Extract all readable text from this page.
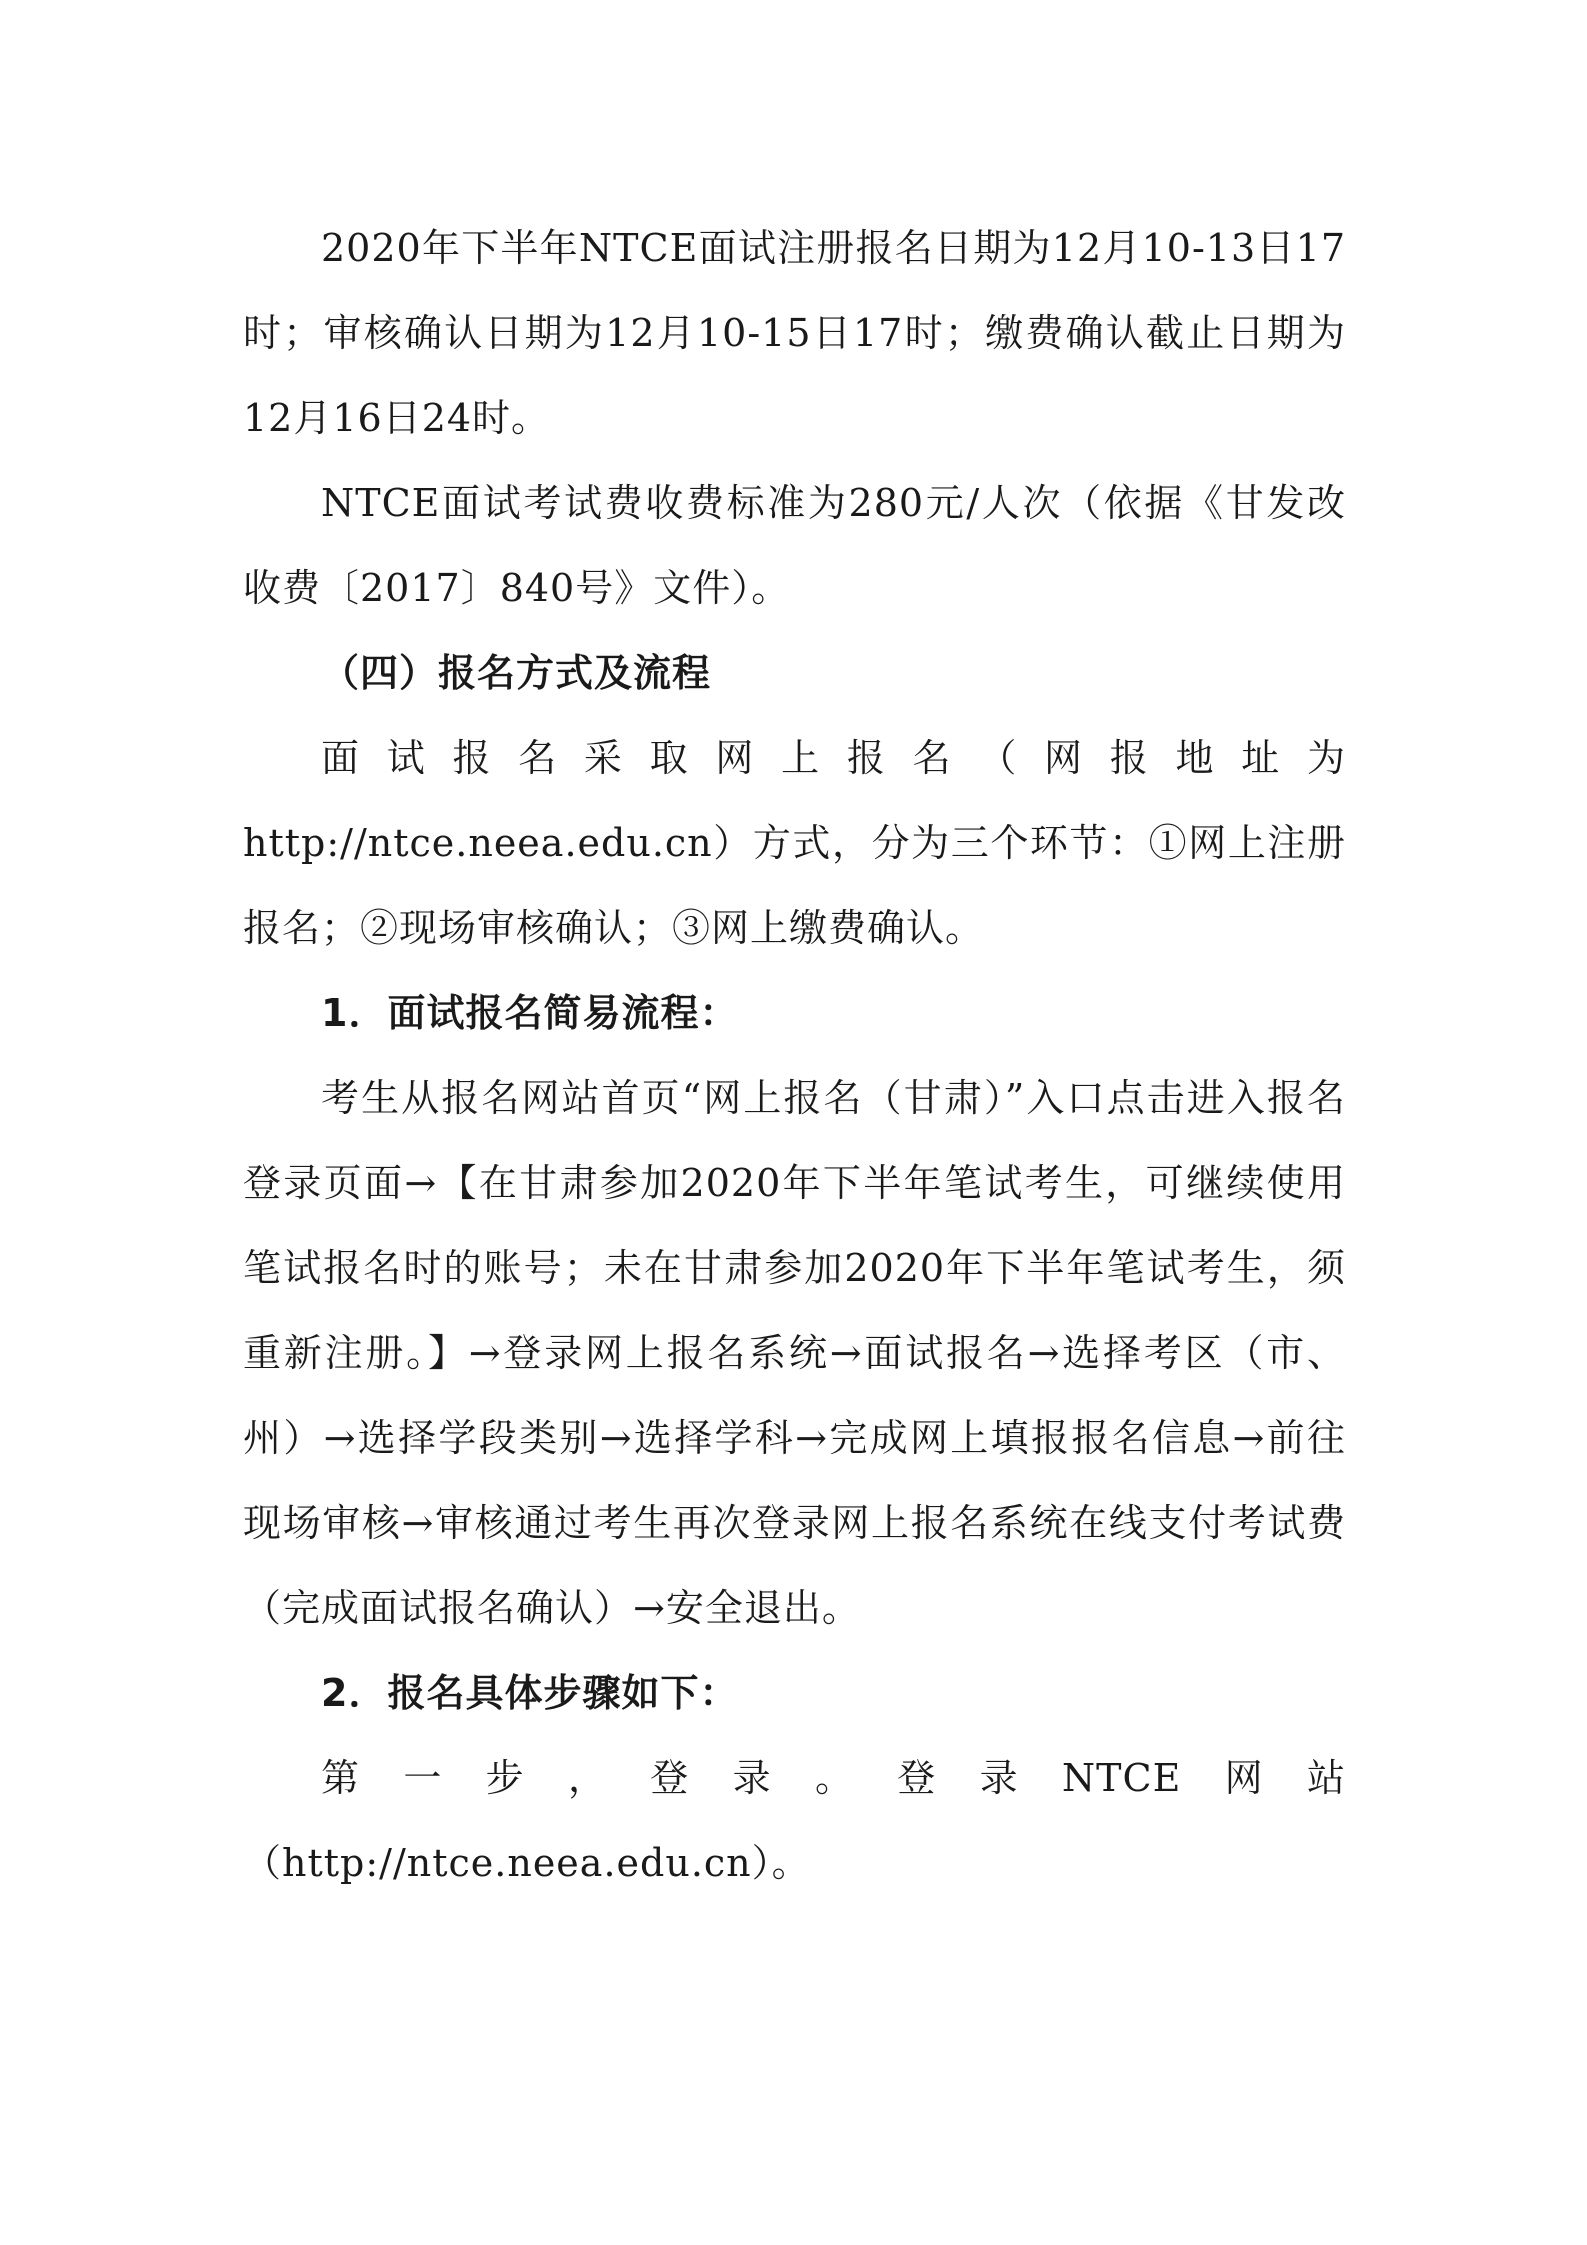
2020年下半年NTCE面试注册报名日期为12月10-13日17时；审核确认日期为12月10-15日17时；缴费确认截止日期为12月16日24时。

NTCE面试考试费收费标准为280元/人次（依据《甘发改收费〔2017〕840号》文件）。

（四）报名方式及流程

面试报名采取网上报名（网报地址为

http://ntce.neea.edu.cn）方式，分为三个环节：①网上注册报名；②现场审核确认；③网上缴费确认。

1．面试报名简易流程：

考生从报名网站首页“网上报名（甘肃）”入口点击进入报名登录页面→【在甘肃参加2020年下半年笔试考生，可继续使用笔试报名时的账号；未在甘肃参加2020年下半年笔试考生，须重新注册。】→登录网上报名系统→面试报名→选择考区（市、州）→选择学段类别→选择学科→完成网上填报报名信息→前往现场审核→审核通过考生再次登录网上报名系统在线支付考试费（完成面试报名确认）→安全退出。

2．报名具体步骤如下：

第一步，登录。登录NTCE网站

（http://ntce.neea.edu.cn）。
